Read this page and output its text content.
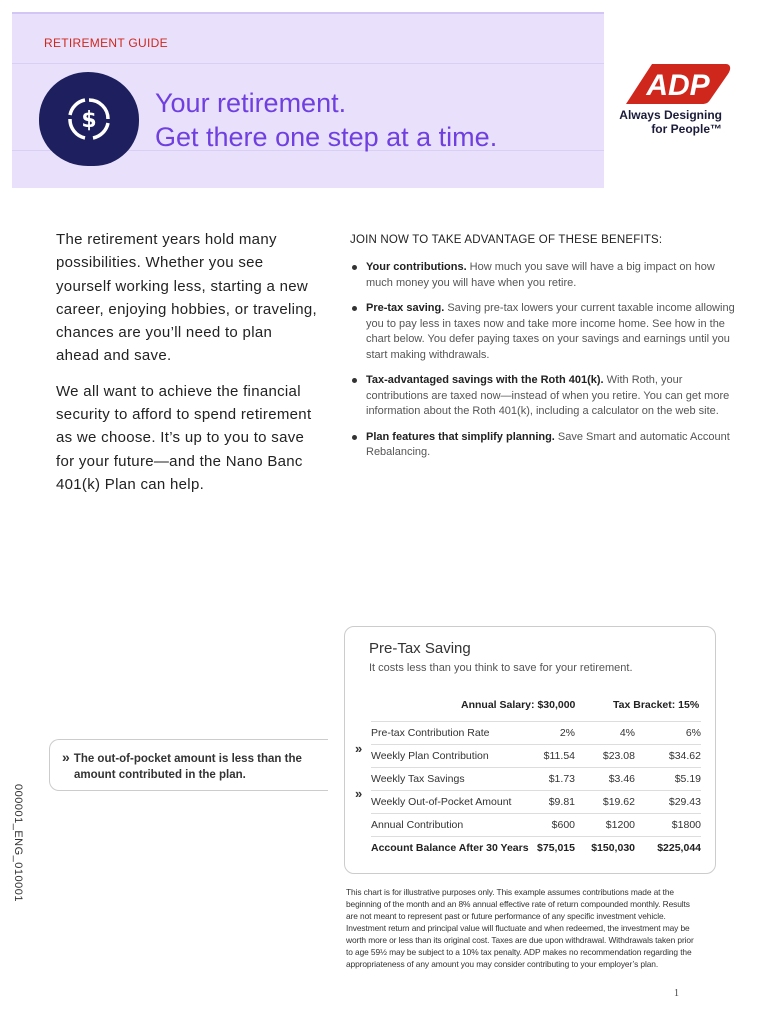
RETIREMENT GUIDE
$
Your retirement.
Get there one step at a time.
ADP
Always Designing
for People™

The retirement years hold many possibilities. Whether you see yourself working less, starting a new career, enjoying hobbies, or traveling, chances are you’ll need to plan ahead and save.

We all want to achieve the financial security to afford to spend retirement as we choose. It’s up to you to save for your future—and the Nano Banc 401(k) Plan can help.

JOIN NOW TO TAKE ADVANTAGE OF THESE BENEFITS:
Your contributions. How much you save will have a big impact on how much money you will have when you retire.
Pre-tax saving. Saving pre-tax lowers your current taxable income allowing you to pay less in taxes now and take more income home. See how in the chart below. You defer paying taxes on your savings and earnings until you start making withdrawals.
Tax-advantaged savings with the Roth 401(k). With Roth, your contributions are taxed now—instead of when you retire. You can get more information about the Roth 401(k), including a calculator on the web site.
Plan features that simplify planning. Save Smart and automatic Account Rebalancing.
» The out-of-pocket amount is less than the
amount contributed in the plan.
000001_ENG_010001
Pre-Tax Saving
It costs less than you think to save for your retirement.
Annual Salary: $30,000	Tax Bracket: 15%
»
»
Pre-tax Contribution Rate	2%	4%	6%
Weekly Plan Contribution	$11.54	$23.08	$34.62
Weekly Tax Savings	$1.73	$3.46	$5.19
Weekly Out-of-Pocket Amount	$9.81	$19.62	$29.43
Annual Contribution	$600	$1200	$1800
Account Balance After 30 Years	$75,015	$150,030	$225,044
This chart is for illustrative purposes only. This example assumes contributions made at the beginning of the month and an 8% annual effective rate of return compounded monthly. Results are not meant to represent past or future performance of any specific investment vehicle. Investment return and principal value will fluctuate and when redeemed, the investment may be worth more or less than its original cost. Taxes are due upon withdrawal. Withdrawals taken prior to age 59½ may be subject to a 10% tax penalty. ADP makes no recommendation regarding the appropriateness of any amount you may consider contributing to your employer’s plan.
1
